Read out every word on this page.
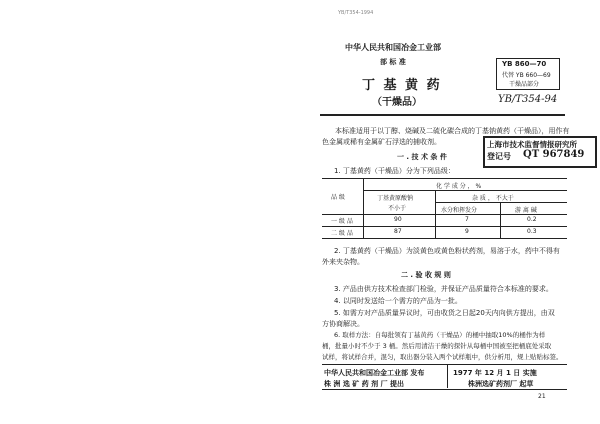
YB/T354-1994
中华人民共和国冶金工业部
部 标 准
丁 基 黄 药
（干燥品）
YB 860—70
代替 YB 660—69
干燥品部分
YB/T354-94
上海市技术监督情报研究所
登记号 QT 967849
本标准适用于以丁醇、烧碱及二硫化碳合成的丁基钠黄药（干燥品），用作有
色金属或稀有金属矿石浮选的捕收剂。
一 . 技 术 条 件
1. 丁基黄药（干燥品）分为下列品级：
品 级
化 学 成 分 ， %
丁基黄原酸钠
不小于
杂 质 ， 不大于
水分和挥发分	游 离 碱
一 级 品	90	7	0.2
二 级 品	87	9	0.3
2. 丁基黄药（干燥品）为淡黄色或黄色粉状药剂，易溶于水，药中不得有
外来夹杂物。
二 . 验 收 规 则
3. 产品由供方技术检查部门检验，并保证产品质量符合本标准的要求。
4. 以同时发送给一个需方的产品为一批。
5. 如需方对产品质量异议时，可由收货之日起20天内向供方提出，由双
方协商解决。
6. 取样方法：自每批领有丁基黄药（干燥品）的桶中抽取10%的桶作为样
桶，批量小时不少于 3 桶。然后用清洁干燥的探针从每桶中国被至把桶底处采取
试样，将试样合并，混匀，取出器分装入两个试样瓶中，供分析用，规上贴贴标签。
中华人民共和国冶金工业部 发布	1977 年 12 月 1 日 实施
株 洲 选 矿 药 剂 厂 提出	株洲选矿药剂厂 起草
21
